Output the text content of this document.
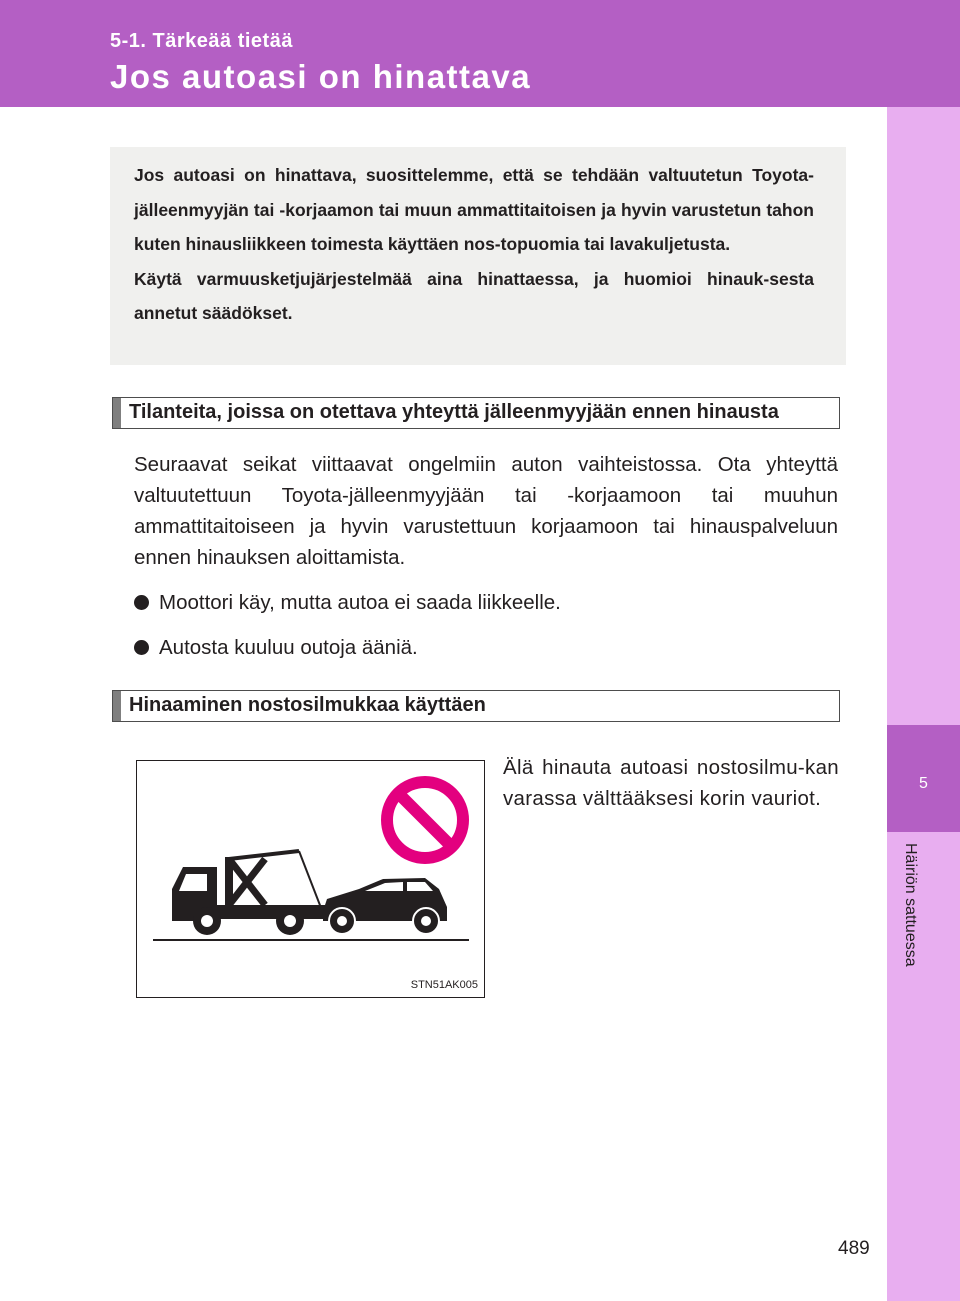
5-1. Tärkeää tietää
Jos autoasi on hinattava
5
Häiriön sattuessa

Jos autoasi on hinattava, suosittelemme, että se tehdään valtuutetun Toyota-jälleenmyyjän tai -korjaamon tai muun ammattitaitoisen ja hyvin varustetun tahon kuten hinausliikkeen toimesta käyttäen nos-topuomia tai lavakuljetusta.

Käytä varmuusketjujärjestelmää aina hinattaessa, ja huomioi hinauk-sesta annetut säädökset.

Tilanteita, joissa on otettava yhteyttä jälleenmyyjään ennen hinausta

Seuraavat seikat viittaavat ongelmiin auton vaihteistossa. Ota yhteyttä valtuutettuun Toyota-jälleenmyyjään tai -korjaamoon tai muuhun ammattitaitoiseen ja hyvin varustettuun korjaamoon tai hinauspalveluun ennen hinauksen aloittamista.

Moottori käy, mutta autoa ei saada liikkeelle.
Autosta kuuluu outoja ääniä.
Hinaaminen nostosilmukkaa käyttäen

Älä hinauta autoasi nostosilmu-kan varassa välttääksesi korin vauriot.

STN51AK005
489
